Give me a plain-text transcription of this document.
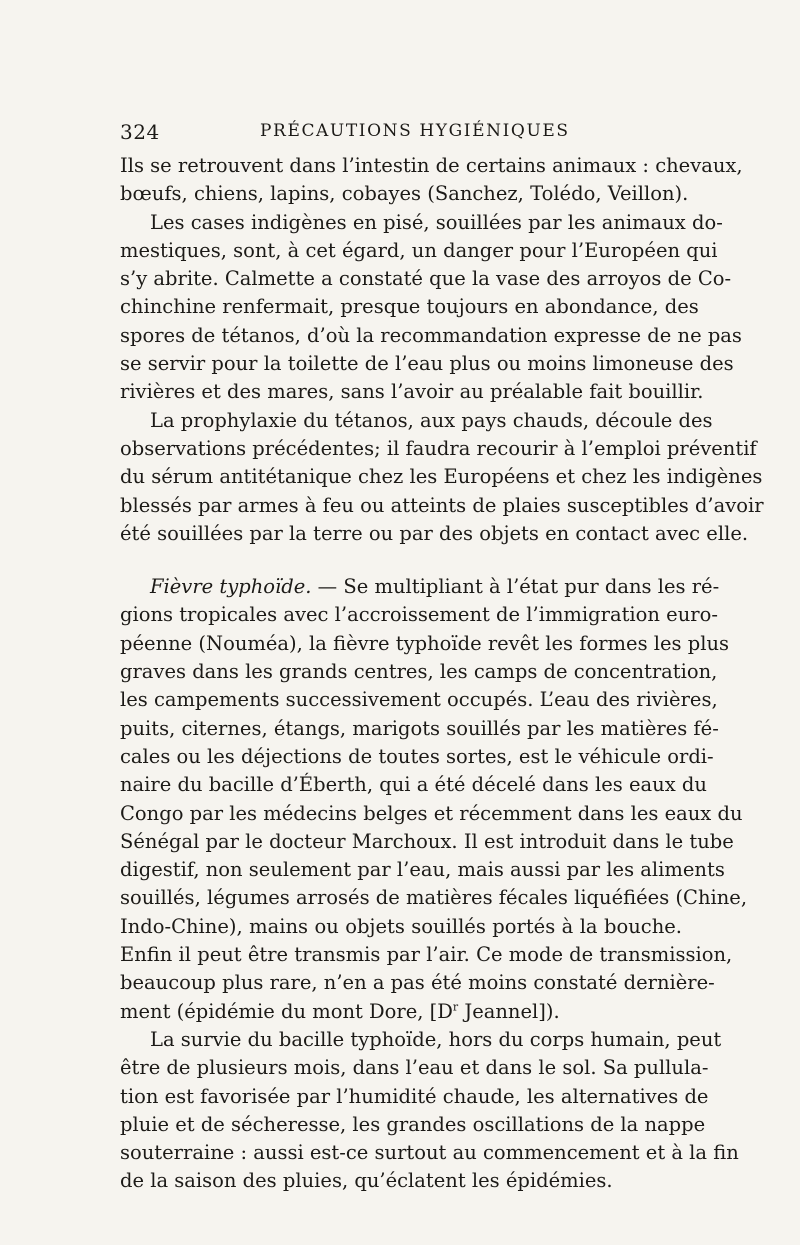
324	PRÉCAUTIONS HYGIÉNIQUES
Ils se retrouvent dans l’intestin de certains animaux : chevaux,
bœufs, chiens, lapins, cobayes (Sanchez, Tolédo, Veillon).
Les cases indigènes en pisé, souillées par les animaux do-
mestiques, sont, à cet égard, un danger pour l’Européen qui
s’y abrite. Calmette a constaté que la vase des arroyos de Co-
chinchine renfermait, presque toujours en abondance, des
spores de tétanos, d’où la recommandation expresse de ne pas
se servir pour la toilette de l’eau plus ou moins limoneuse des
rivières et des mares, sans l’avoir au préalable fait bouillir.
La prophylaxie du tétanos, aux pays chauds, découle des
observations précédentes; il faudra recourir à l’emploi préventif
du sérum antitétanique chez les Européens et chez les indigènes
blessés par armes à feu ou atteints de plaies susceptibles d’avoir
été souillées par la terre ou par des objets en contact avec elle.
Fièvre typhoïde. — Se multipliant à l’état pur dans les ré-
gions tropicales avec l’accroissement de l’immigration euro-
péenne (Nouméa), la fièvre typhoïde revêt les formes les plus
graves dans les grands centres, les camps de concentration,
les campements successivement occupés. L’eau des rivières,
puits, citernes, étangs, marigots souillés par les matières fé-
cales ou les déjections de toutes sortes, est le véhicule ordi-
naire du bacille d’Éberth, qui a été décelé dans les eaux du
Congo par les médecins belges et récemment dans les eaux du
Sénégal par le docteur Marchoux. Il est introduit dans le tube
digestif, non seulement par l’eau, mais aussi par les aliments
souillés, légumes arrosés de matières fécales liquéfiées (Chine,
Indo-Chine), mains ou objets souillés portés à la bouche.
Enfin il peut être transmis par l’air. Ce mode de transmission,
beaucoup plus rare, n’en a pas été moins constaté dernière-
ment (épidémie du mont Dore, [$D^r$ Jeannel]).
La survie du bacille typhoïde, hors du corps humain, peut
être de plusieurs mois, dans l’eau et dans le sol. Sa pullula-
tion est favorisée par l’humidité chaude, les alternatives de
pluie et de sécheresse, les grandes oscillations de la nappe
souterraine : aussi est-ce surtout au commencement et à la fin
de la saison des pluies, qu’éclatent les épidémies.
